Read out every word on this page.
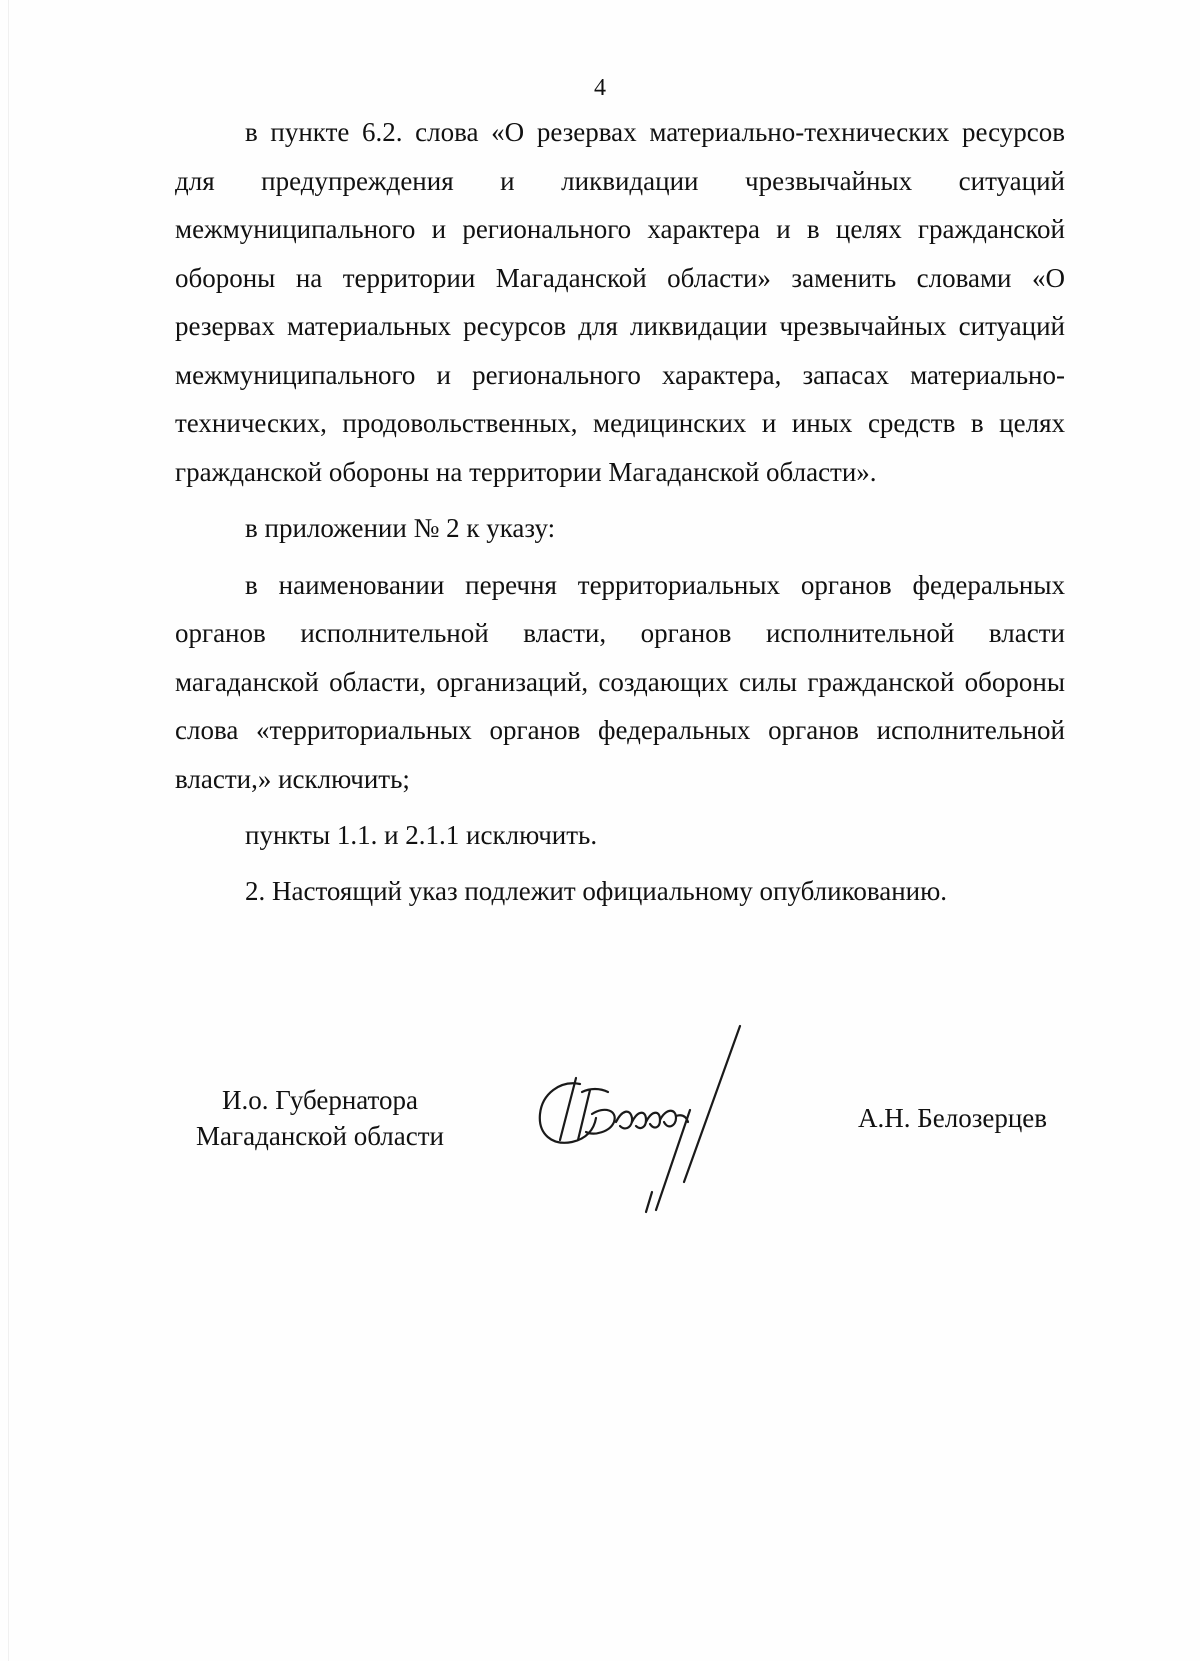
4

в пункте 6.2. слова «О резервах материально-технических ресурсов для предупреждения и ликвидации чрезвычайных ситуаций межмуниципального и регионального характера и в целях гражданской обороны на территории Магаданской области» заменить словами «О резервах материальных ресурсов для ликвидации чрезвычайных ситуаций межмуниципального и регионального характера, запасах материально-технических, продовольственных, медицинских и иных средств в целях гражданской обороны на территории Магаданской области».

в приложении № 2 к указу:

в наименовании перечня территориальных органов федеральных органов исполнительной власти, органов исполнительной власти магаданской области, организаций, создающих силы гражданской обороны слова «территориальных органов федеральных органов исполнительной власти,» исключить;

пункты 1.1. и 2.1.1 исключить.

2. Настоящий указ подлежит официальному опубликованию.

И.о. Губернатора
Магаданской области
А.Н. Белозерцев
